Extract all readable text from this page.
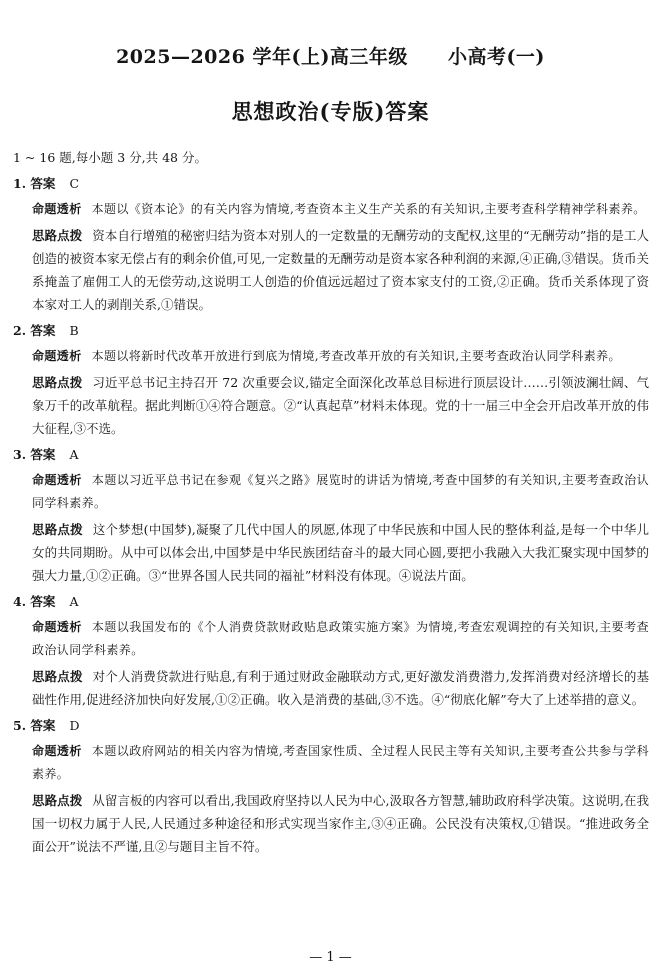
2025—2026 学年(上)高三年级 小高考(一)
思想政治(专版)答案
1 ~ 16 题,每小题 3 分,共 48 分。
1. 答案 C
命题透析 本题以《资本论》的有关内容为情境,考查资本主义生产关系的有关知识,主要考查科学精神学科素养。
思路点拨 资本自行增殖的秘密归结为资本对别人的一定数量的无酬劳动的支配权,这里的“无酬劳动”指的是工人创造的被资本家无偿占有的剩余价值,可见,一定数量的无酬劳动是资本家各种利润的来源,④正确,③错误。货币关系掩盖了雇佣工人的无偿劳动,这说明工人创造的价值远远超过了资本家支付的工资,②正确。货币关系体现了资本家对工人的剥削关系,①错误。
2. 答案 B
命题透析 本题以将新时代改革开放进行到底为情境,考查改革开放的有关知识,主要考查政治认同学科素养。
思路点拨 习近平总书记主持召开 72 次重要会议,锚定全面深化改革总目标进行顶层设计……引领波澜壮阔、气象万千的改革航程。据此判断①④符合题意。②“认真起草”材料未体现。党的十一届三中全会开启改革开放的伟大征程,③不选。
3. 答案 A
命题透析 本题以习近平总书记在参观《复兴之路》展览时的讲话为情境,考查中国梦的有关知识,主要考查政治认同学科素养。
思路点拨 这个梦想(中国梦),凝聚了几代中国人的夙愿,体现了中华民族和中国人民的整体利益,是每一个中华儿女的共同期盼。从中可以体会出,中国梦是中华民族团结奋斗的最大同心圆,要把小我融入大我汇聚实现中国梦的强大力量,①②正确。③“世界各国人民共同的福祉”材料没有体现。④说法片面。
4. 答案 A
命题透析 本题以我国发布的《个人消费贷款财政贴息政策实施方案》为情境,考查宏观调控的有关知识,主要考查政治认同学科素养。
思路点拨 对个人消费贷款进行贴息,有利于通过财政金融联动方式,更好激发消费潜力,发挥消费对经济增长的基础性作用,促进经济加快向好发展,①②正确。收入是消费的基础,③不选。④“彻底化解”夸大了上述举措的意义。
5. 答案 D
命题透析 本题以政府网站的相关内容为情境,考查国家性质、全过程人民民主等有关知识,主要考查公共参与学科素养。
思路点拨 从留言板的内容可以看出,我国政府坚持以人民为中心,汲取各方智慧,辅助政府科学决策。这说明,在我国一切权力属于人民,人民通过多种途径和形式实现当家作主,③④正确。公民没有决策权,①错误。“推进政务全面公开”说法不严谨,且②与题目主旨不符。
— 1 —
